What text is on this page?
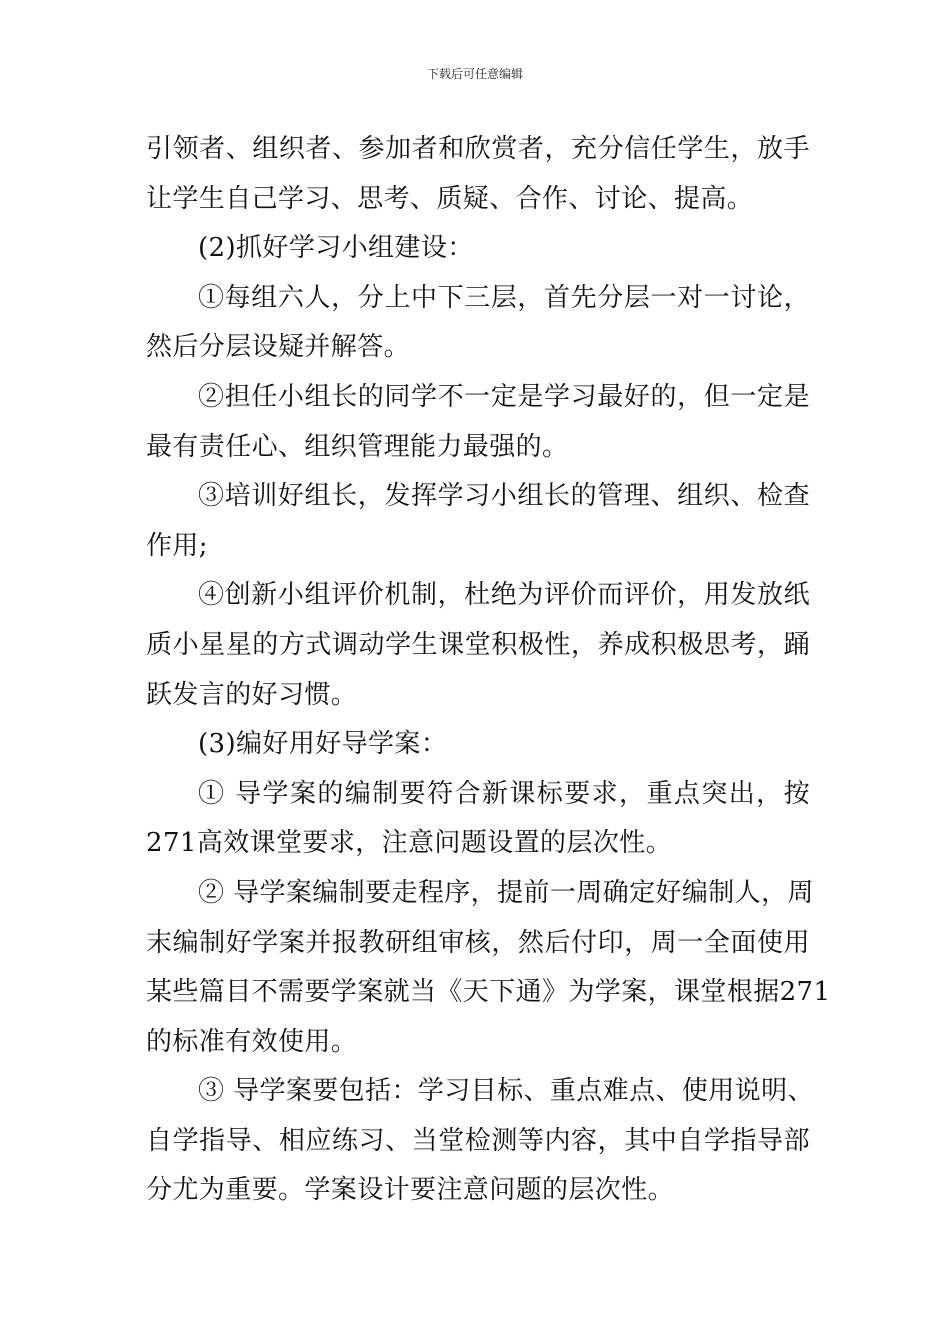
下载后可任意编辑
引领者、组织者、参加者和欣赏者，充分信任学生，放手
让学生自己学习、思考、质疑、合作、讨论、提高。
(2)抓好学习小组建设：
①每组六人，分上中下三层，首先分层一对一讨论，
然后分层设疑并解答。
②担任小组长的同学不一定是学习最好的，但一定是
最有责任心、组织管理能力最强的。
③培训好组长，发挥学习小组长的管理、组织、检查
作用;
④创新小组评价机制，杜绝为评价而评价，用发放纸
质小星星的方式调动学生课堂积极性，养成积极思考，踊
跃发言的好习惯。
(3)编好用好导学案：
① 导学案的编制要符合新课标要求，重点突出，按
271高效课堂要求，注意问题设置的层次性。
② 导学案编制要走程序，提前一周确定好编制人，周
末编制好学案并报教研组审核，然后付印，周一全面使用
某些篇目不需要学案就当《天下通》为学案，课堂根据271
的标准有效使用。
③ 导学案要包括：学习目标、重点难点、使用说明、
自学指导、相应练习、当堂检测等内容，其中自学指导部
分尤为重要。学案设计要注意问题的层次性。
